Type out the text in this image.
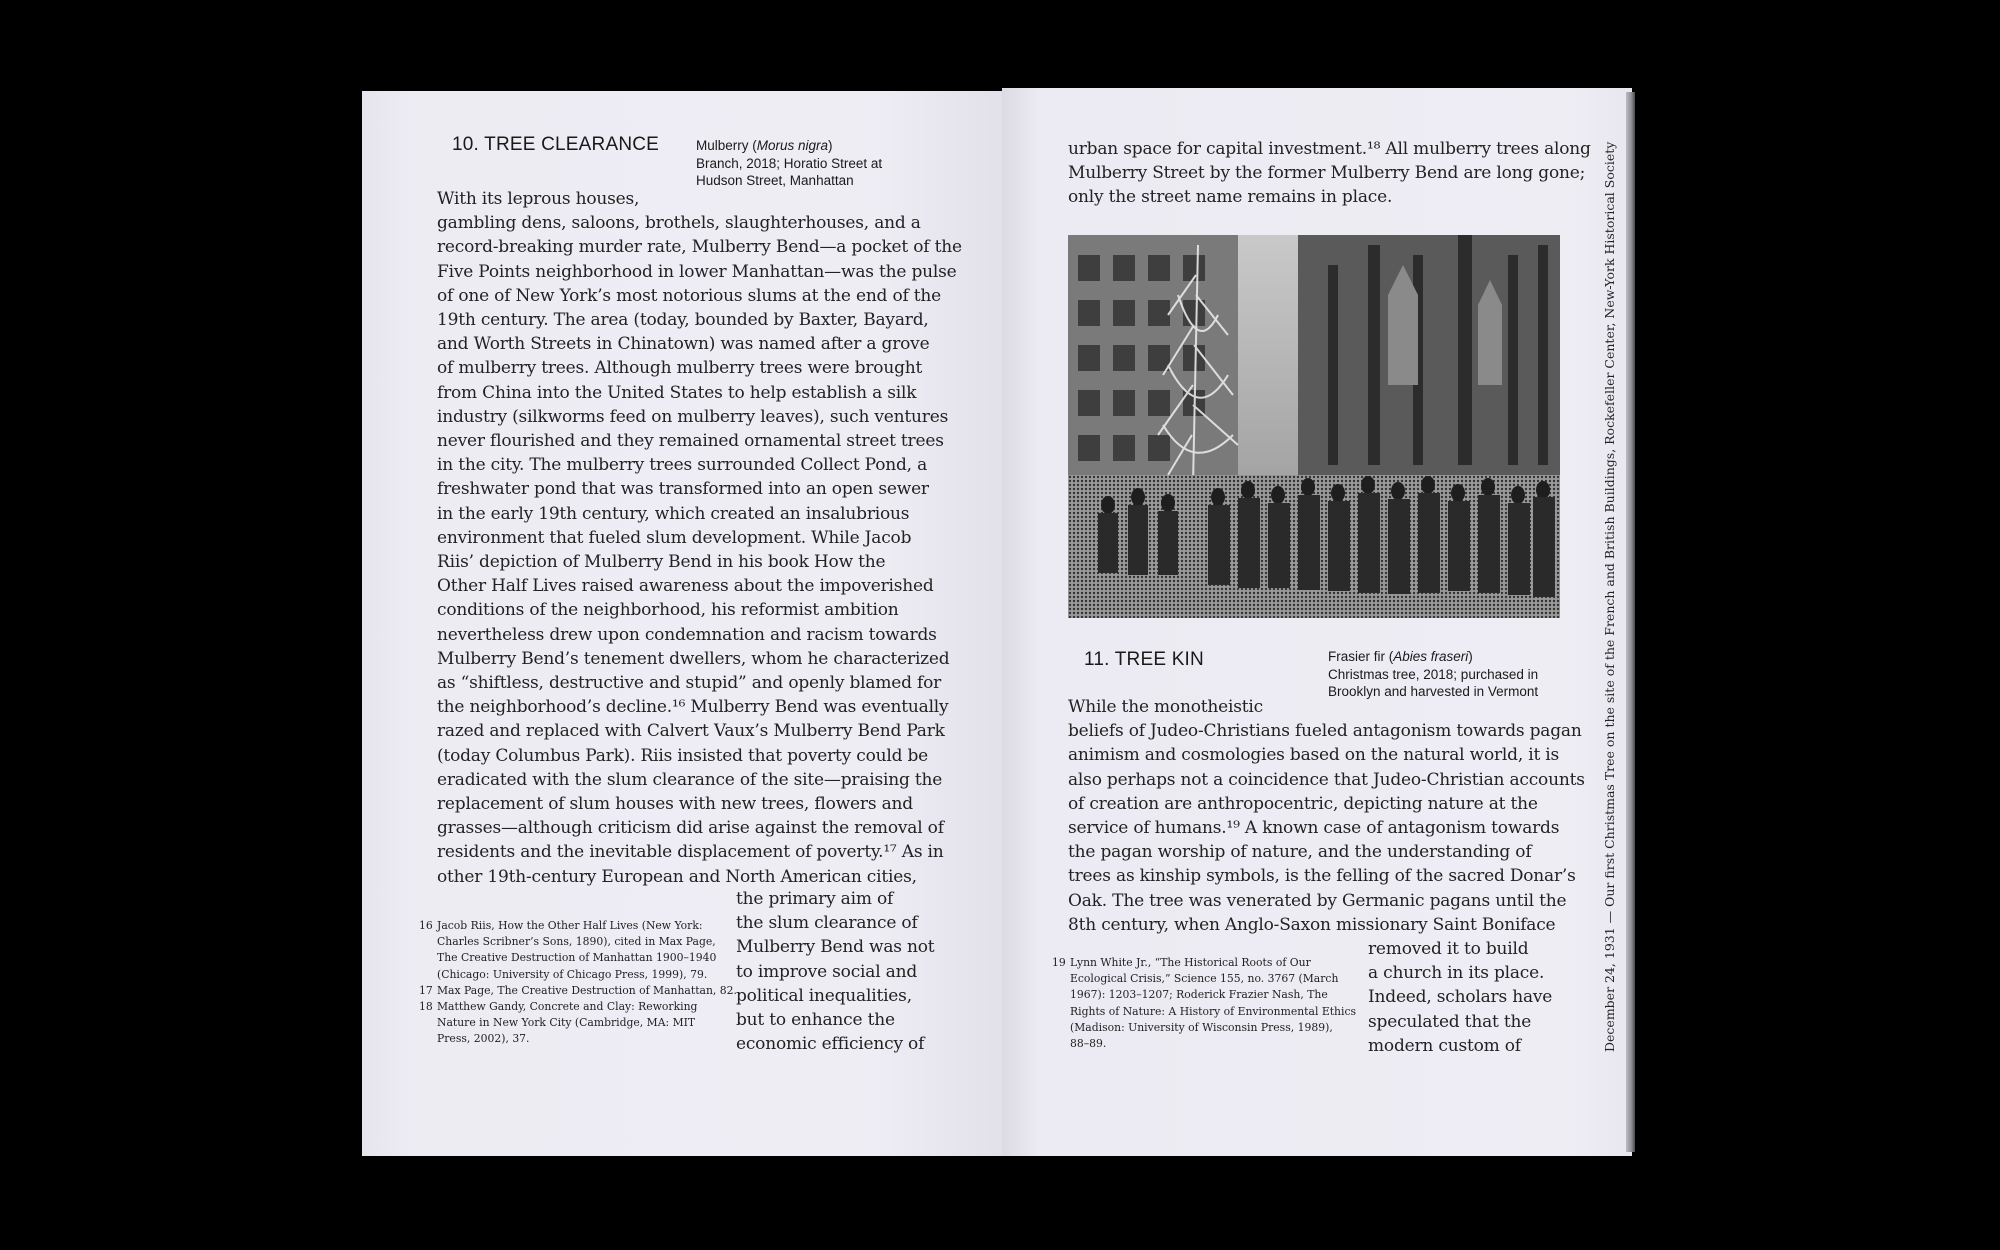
10. TREE CLEARANCE	Mulberry (Morus nigra)
Branch, 2018; Horatio Street at
Hudson Street, Manhattan
With its leprous houses,
gambling dens, saloons, brothels, slaughterhouses, and a
record-breaking murder rate, Mulberry Bend—a pocket of the
Five Points neighborhood in lower Manhattan—was the pulse
of one of New York’s most notorious slums at the end of the
19th century. The area (today, bounded by Baxter, Bayard,
and Worth Streets in Chinatown) was named after a grove
of mulberry trees. Although mulberry trees were brought
from China into the United States to help establish a silk
industry (silkworms feed on mulberry leaves), such ventures
never flourished and they remained ornamental street trees
in the city. The mulberry trees surrounded Collect Pond, a
freshwater pond that was transformed into an open sewer
in the early 19th century, which created an insalubrious
environment that fueled slum development. While Jacob
Riis’ depiction of Mulberry Bend in his book How the
Other Half Lives raised awareness about the impoverished
conditions of the neighborhood, his reformist ambition
nevertheless drew upon condemnation and racism towards
Mulberry Bend’s tenement dwellers, whom he characterized
as “shiftless, destructive and stupid” and openly blamed for
the neighborhood’s decline.¹⁶ Mulberry Bend was eventually
razed and replaced with Calvert Vaux’s Mulberry Bend Park
(today Columbus Park). Riis insisted that poverty could be
eradicated with the slum clearance of the site—praising the
replacement of slum houses with new trees, flowers and
grasses—although criticism did arise against the removal of
residents and the inevitable displacement of poverty.¹⁷ As in
other 19th-century European and North American cities,
the primary aim of
the slum clearance of
Mulberry Bend was not
to improve social and
political inequalities,
but to enhance the
economic efficiency of
16 Jacob Riis, How the Other Half Lives (New York:
Charles Scribner’s Sons, 1890), cited in Max Page,
The Creative Destruction of Manhattan 1900–1940
(Chicago: University of Chicago Press, 1999), 79.
17 Max Page, The Creative Destruction of Manhattan, 82.
18 Matthew Gandy, Concrete and Clay: Reworking
Nature in New York City (Cambridge, MA: MIT
Press, 2002), 37.
urban space for capital investment.¹⁸ All mulberry trees along
Mulberry Street by the former Mulberry Bend are long gone;
only the street name remains in place.
11. TREE KIN	Frasier fir (Abies fraseri)
Christmas tree, 2018; purchased in
Brooklyn and harvested in Vermont
While the monotheistic
beliefs of Judeo-Christians fueled antagonism towards pagan
animism and cosmologies based on the natural world, it is
also perhaps not a coincidence that Judeo-Christian accounts
of creation are anthropocentric, depicting nature at the
service of humans.¹⁹ A known case of antagonism towards
the pagan worship of nature, and the understanding of
trees as kinship symbols, is the felling of the sacred Donar’s
Oak. The tree was venerated by Germanic pagans until the
8th century, when Anglo-Saxon missionary Saint Boniface
removed it to build
a church in its place.
Indeed, scholars have
speculated that the
modern custom of
19 Lynn White Jr., “The Historical Roots of Our
Ecological Crisis,” Science 155, no. 3767 (March
1967): 1203–1207; Roderick Frazier Nash, The
Rights of Nature: A History of Environmental Ethics
(Madison: University of Wisconsin Press, 1989),
88–89.	December 24, 1931 — Our first Christmas Tree on the site of the French and British Buildings, Rockefeller Center, New-York Historical Society
